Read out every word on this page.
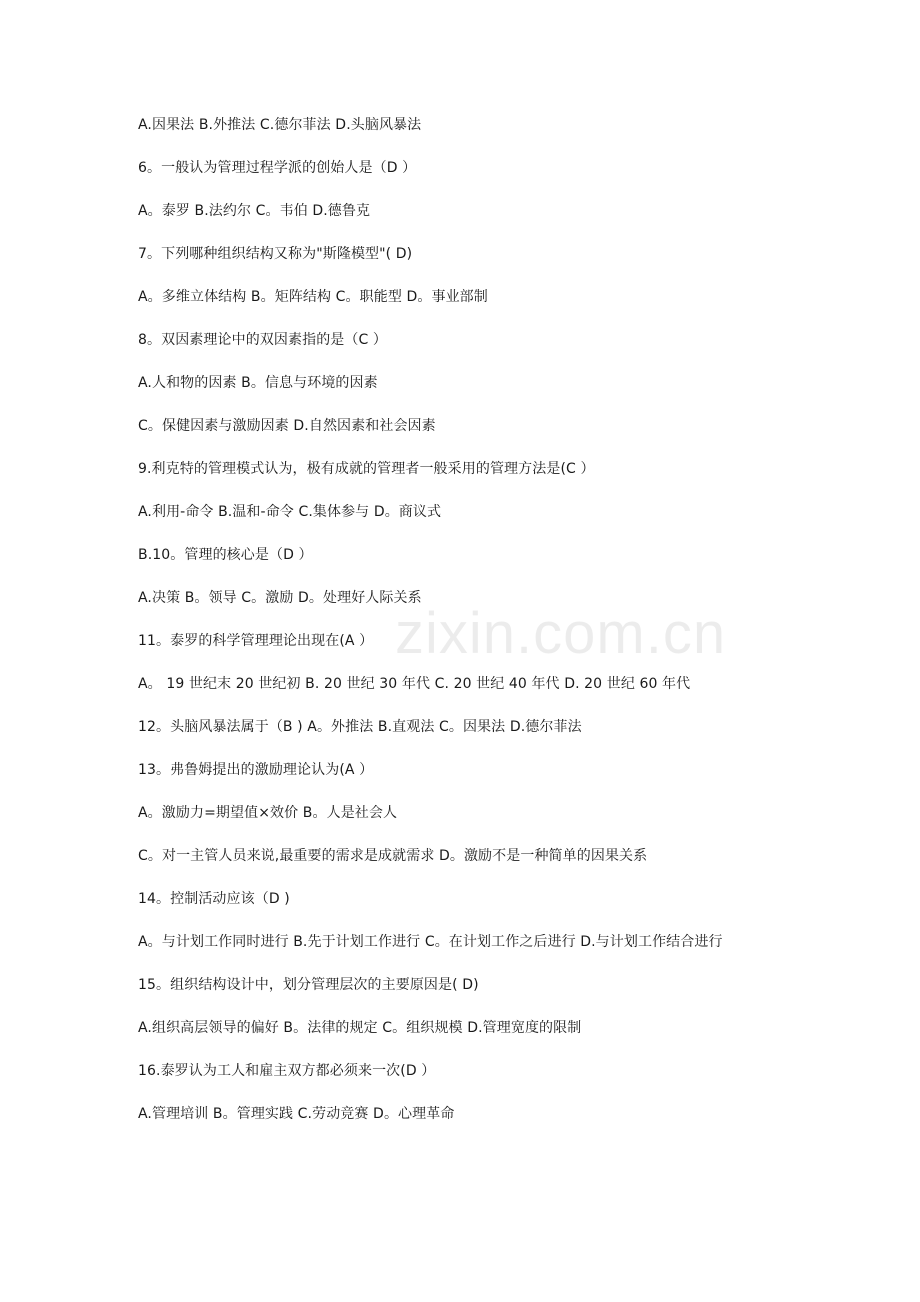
A.因果法 B.外推法 C.德尔菲法 D.头脑风暴法
6。一般认为管理过程学派的创始人是（D ）
A。泰罗 B.法约尔 C。韦伯 D.德鲁克
7。下列哪种组织结构又称为"斯隆模型"( D)
A。多维立体结构 B。矩阵结构 C。职能型 D。事业部制
8。双因素理论中的双因素指的是（C ）
A.人和物的因素 B。信息与环境的因素
C。保健因素与激励因素 D.自然因素和社会因素
9.利克特的管理模式认为，极有成就的管理者一般采用的管理方法是(C ）
A.利用-命令 B.温和-命令 C.集体参与 D。商议式
B.10。管理的核心是（D ）
A.决策 B。领导 C。激励 D。处理好人际关系
11。泰罗的科学管理理论出现在(A ）
A。 19 世纪末 20 世纪初 B. 20 世纪 30 年代 C. 20 世纪 40 年代 D. 20 世纪 60 年代
12。头脑风暴法属于（B ) A。外推法 B.直观法 C。因果法 D.德尔菲法
13。弗鲁姆提出的激励理论认为(A ）
A。激励力=期望值×效价 B。人是社会人
C。对一主管人员来说,最重要的需求是成就需求 D。激励不是一种简单的因果关系
14。控制活动应该（D )
A。与计划工作同时进行 B.先于计划工作进行 C。在计划工作之后进行 D.与计划工作结合进行
15。组织结构设计中，划分管理层次的主要原因是( D)
A.组织高层领导的偏好 B。法律的规定 C。组织规模 D.管理宽度的限制
16.泰罗认为工人和雇主双方都必须来一次(D ）
A.管理培训 B。管理实践 C.劳动竞赛 D。心理革命
zixin.com.cn
